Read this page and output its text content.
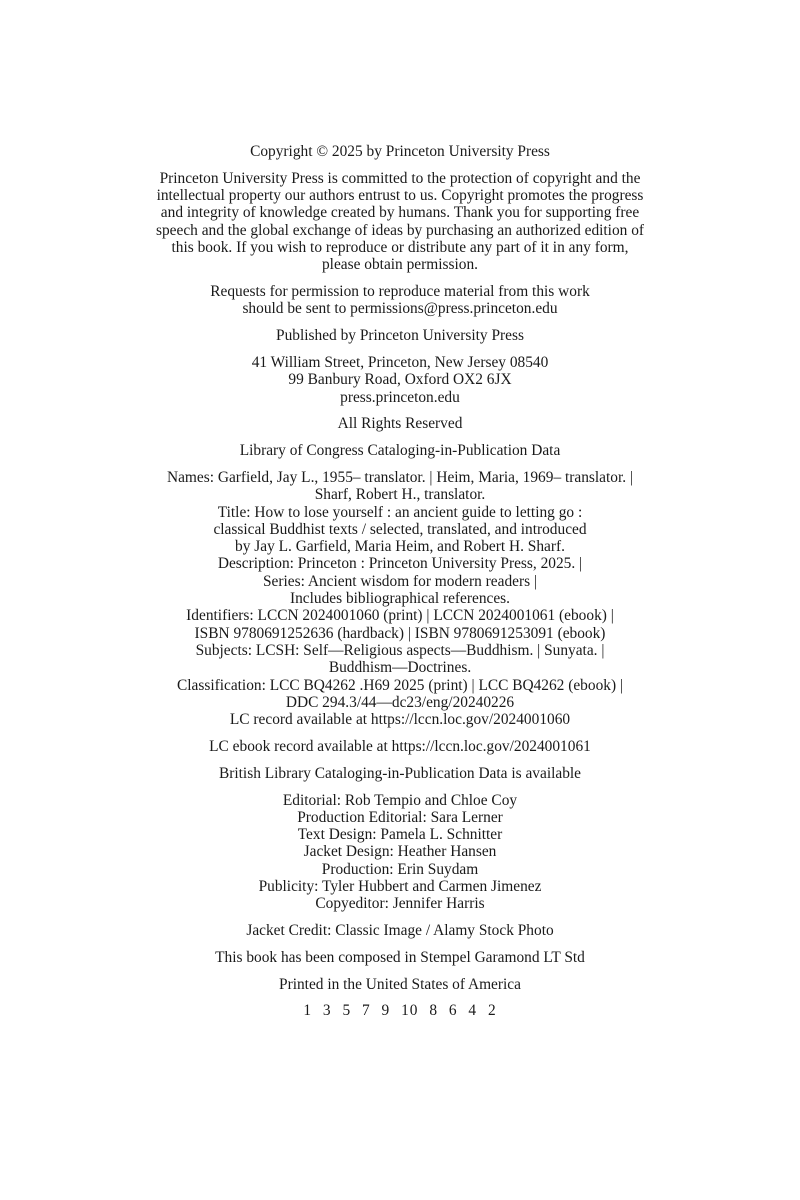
Copyright © 2025 by Princeton University Press
Princeton University Press is committed to the protection of copyright and the
intellectual property our authors entrust to us. Copyright promotes the progress
and integrity of knowledge created by humans. Thank you for supporting free
speech and the global exchange of ideas by purchasing an authorized edition of
this book. If you wish to reproduce or distribute any part of it in any form,
please obtain permission.
Requests for permission to reproduce material from this work
should be sent to permissions@press.princeton.edu
Published by Princeton University Press
41 William Street, Princeton, New Jersey 08540
99 Banbury Road, Oxford OX2 6JX
press.princeton.edu
All Rights Reserved
Library of Congress Cataloging-in-Publication Data
Names: Garfield, Jay L., 1955– translator. | Heim, Maria, 1969– translator. |
Sharf, Robert H., translator.
Title: How to lose yourself : an ancient guide to letting go :
classical Buddhist texts / selected, translated, and introduced
by Jay L. Garfield, Maria Heim, and Robert H. Sharf.
Description: Princeton : Princeton University Press, 2025. |
Series: Ancient wisdom for modern readers |
Includes bibliographical references.
Identifiers: LCCN 2024001060 (print) | LCCN 2024001061 (ebook) |
ISBN 9780691252636 (hardback) | ISBN 9780691253091 (ebook)
Subjects: LCSH: Self—Religious aspects—Buddhism. | Sunyata. |
Buddhism—Doctrines.
Classification: LCC BQ4262 .H69 2025 (print) | LCC BQ4262 (ebook) |
DDC 294.3/44—dc23/eng/20240226
LC record available at https://lccn.loc.gov/2024001060
LC ebook record available at https://lccn.loc.gov/2024001061
British Library Cataloging-in-Publication Data is available
Editorial: Rob Tempio and Chloe Coy
Production Editorial: Sara Lerner
Text Design: Pamela L. Schnitter
Jacket Design: Heather Hansen
Production: Erin Suydam
Publicity: Tyler Hubbert and Carmen Jimenez
Copyeditor: Jennifer Harris
Jacket Credit: Classic Image / Alamy Stock Photo
This book has been composed in Stempel Garamond LT Std
Printed in the United States of America
1 3 5 7 9 10 8 6 4 2
